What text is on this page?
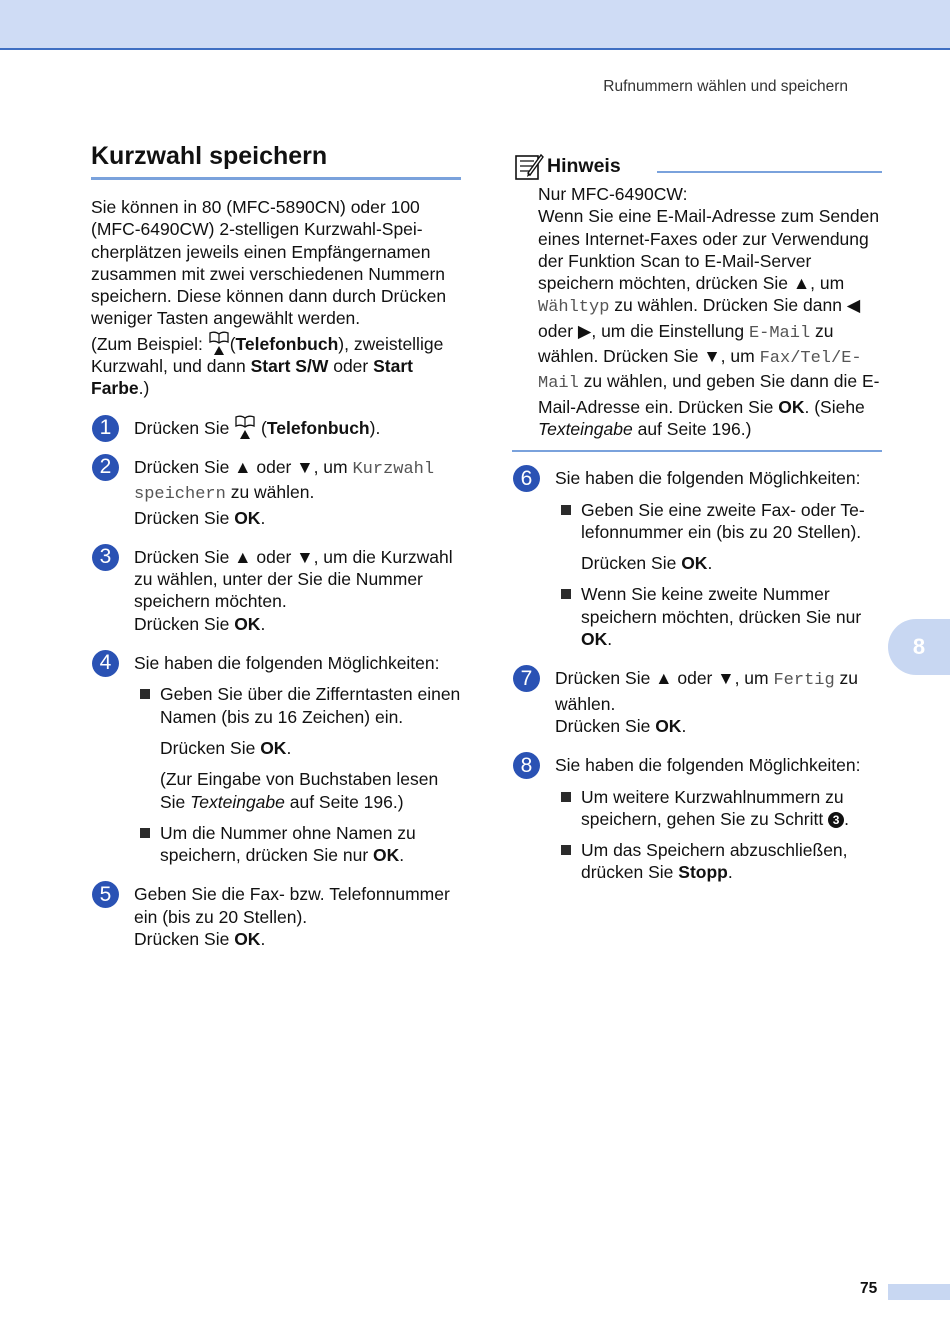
Rufnummern wählen und speichern
8
Kurzwahl speichern

Sie können in 80 (MFC-5890CN) oder 100 (MFC-6490CW) 2-stelligen Kurzwahl-Speicherplätzen jeweils einen Empfängernamen zusammen mit zwei verschiedenen Nummern speichern. Diese können dann durch Drücken weniger Tasten angewählt werden.

(Zum Beispiel:
(Telefonbuch), zweistellige Kurzwahl, und dann Start S/W oder Start Farbe.)

1	Drücken Sie
(Telefonbuch).
2	Drücken Sie ▲ oder ▼, um Kurzwahl speichern zu wählen.
Drücken Sie OK.
3	Drücken Sie ▲ oder ▼, um die Kurzwahl zu wählen, unter der Sie die Nummer speichern möchten.
Drücken Sie OK.
4	Sie haben die folgenden Möglichkeiten:
Geben Sie über die Zifferntasten einen Namen (bis zu 16 Zeichen) ein.
Drücken Sie OK.
(Zur Eingabe von Buchstaben lesen Sie Texteingabe auf Seite 196.)
Um die Nummer ohne Namen zu speichern, drücken Sie nur OK.
5	Geben Sie die Fax- bzw. Telefonnummer ein (bis zu 20 Stellen).
Drücken Sie OK.
Hinweis
Nur MFC-6490CW:
Wenn Sie eine E-Mail-Adresse zum Senden eines Internet-Faxes oder zur Verwendung der Funktion Scan to E-Mail-Server speichern möchten, drücken Sie ▲, um Wähltyp zu wählen. Drücken Sie dann ◀ oder ▶, um die Einstellung E-Mail zu wählen. Drücken Sie ▼, um Fax/Tel/E-Mail zu wählen, und geben Sie dann die E-Mail-Adresse ein. Drücken Sie OK. (Siehe Texteingabe auf Seite 196.)
6	Sie haben die folgenden Möglichkeiten:
Geben Sie eine zweite Fax- oder Telefonnummer ein (bis zu 20 Stellen).
Drücken Sie OK.
Wenn Sie keine zweite Nummer speichern möchten, drücken Sie nur OK.
7	Drücken Sie ▲ oder ▼, um Fertig zu wählen.
Drücken Sie OK.
8	Sie haben die folgenden Möglichkeiten:
Um weitere Kurzwahlnummern zu speichern, gehen Sie zu Schritt 3 .
Um das Speichern abzuschließen, drücken Sie Stopp.
75
